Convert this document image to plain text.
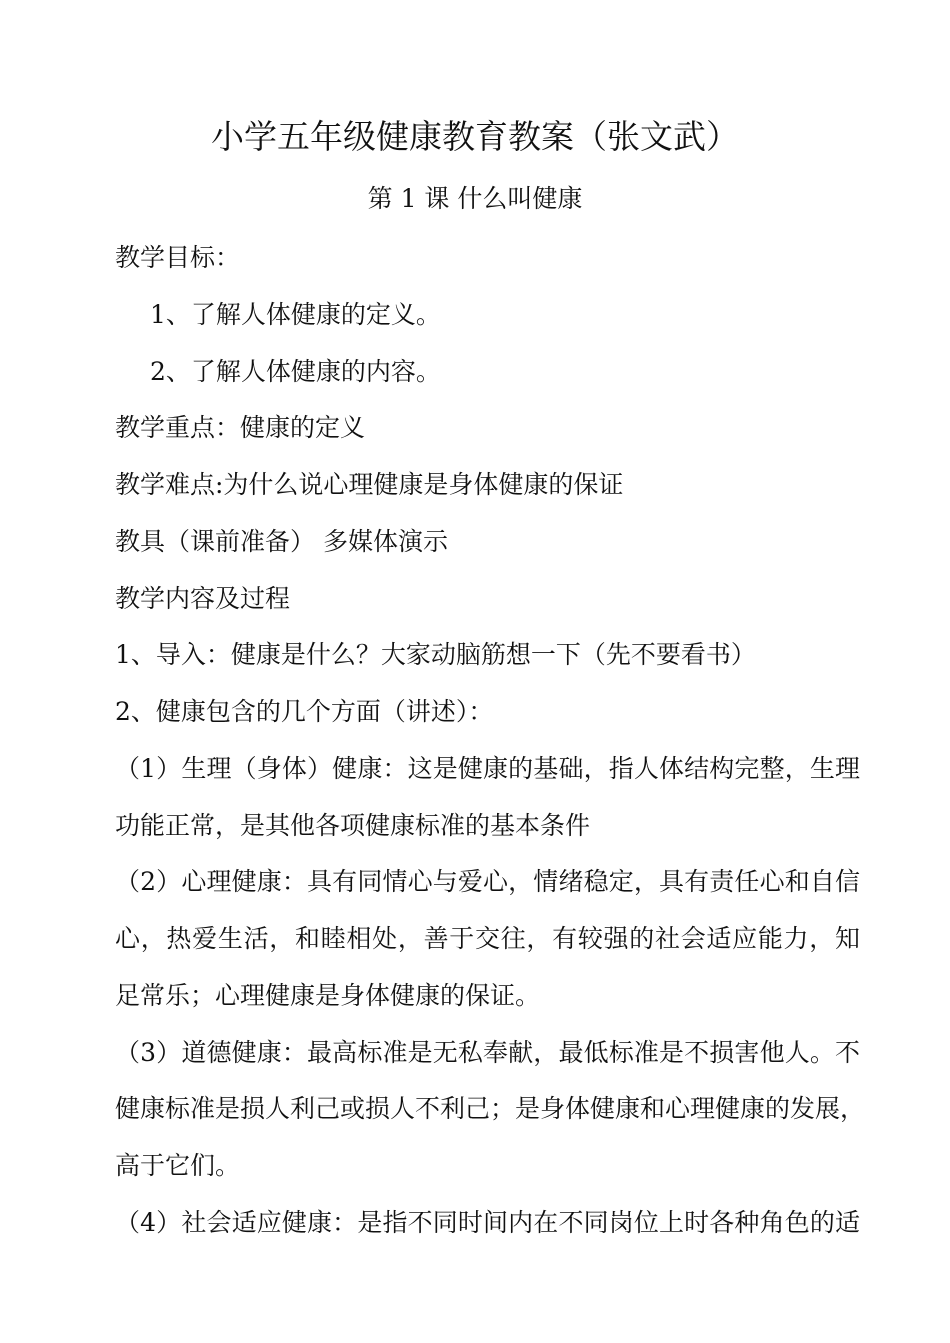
小学五年级健康教育教案（张文武）
第 1 课 什么叫健康
教学目标：
1、了解人体健康的定义。
2、了解人体健康的内容。
教学重点：健康的定义
教学难点:为什么说心理健康是身体健康的保证
教具（课前准备） 多媒体演示
教学内容及过程
1、导入：健康是什么？大家动脑筋想一下（先不要看书）
2、健康包含的几个方面（讲述）：
（1）生理（身体）健康：这是健康的基础，指人体结构完整，生理
功能正常，是其他各项健康标准的基本条件
（2）心理健康：具有同情心与爱心，情绪稳定，具有责任心和自信
心，热爱生活，和睦相处，善于交往，有较强的社会适应能力，知
足常乐；心理健康是身体健康的保证。
（3）道德健康：最高标准是无私奉献，最低标准是不损害他人。不
健康标准是损人利己或损人不利己；是身体健康和心理健康的发展，
高于它们。
（4）社会适应健康：是指不同时间内在不同岗位上时各种角色的适
